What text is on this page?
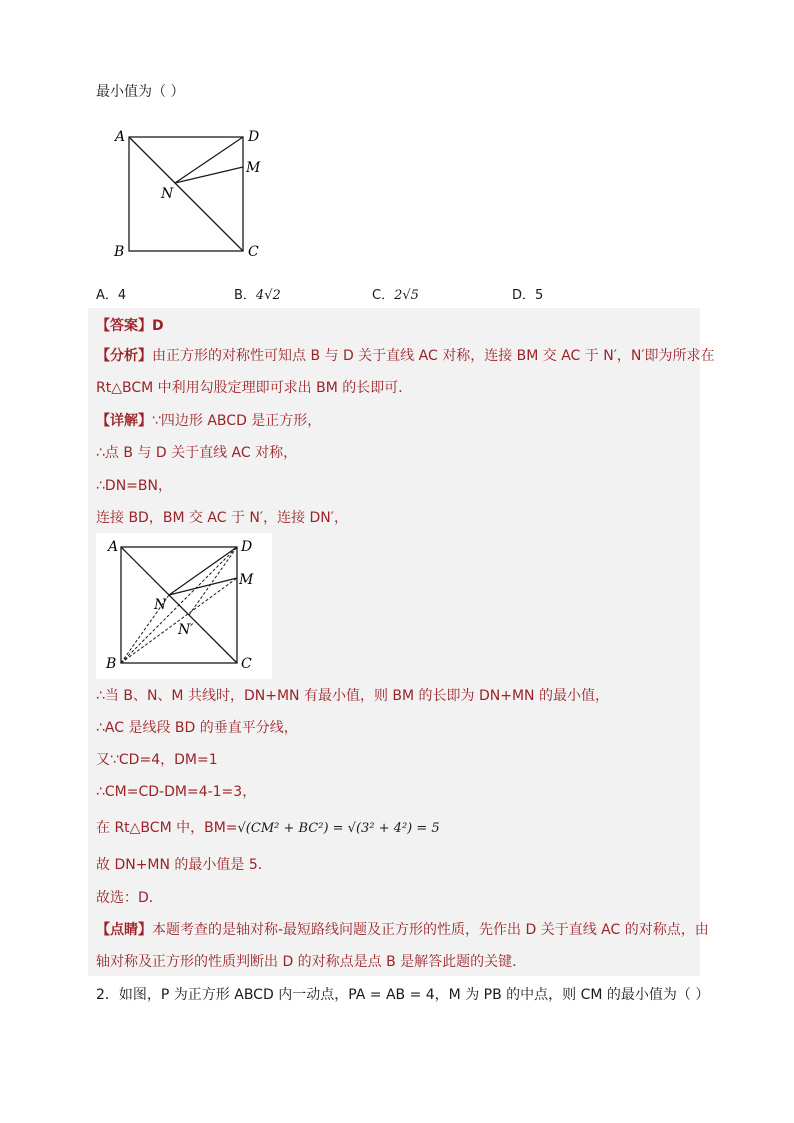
最小值为（ ）
A	D
M
N
B	C
A．4	B．4√2	C．2√5	D．5
【答案】D
【分析】由正方形的对称性可知点 B 与 D 关于直线 AC 对称，连接 BM 交 AC 于 N′，N′即为所求在
Rt△BCM 中利用勾股定理即可求出 BM 的长即可．
【详解】∵四边形 ABCD 是正方形，
∴点 B 与 D 关于直线 AC 对称，
∴DN=BN，
连接 BD，BM 交 AC 于 N′，连接 DN′，
A	D
M
N
N′
B	C
∴当 B、N、M 共线时，DN+MN 有最小值，则 BM 的长即为 DN+MN 的最小值，
∴AC 是线段 BD 的垂直平分线，
又∵CD=4，DM=1
∴CM=CD-DM=4-1=3，
在 Rt△BCM 中，BM=√(CM² + BC²) = √(3² + 4²) = 5
故 DN+MN 的最小值是 5．
故选：D．
【点睛】本题考查的是轴对称-最短路线问题及正方形的性质，先作出 D 关于直线 AC 的对称点，由
轴对称及正方形的性质判断出 D 的对称点是点 B 是解答此题的关键．
2．如图，P 为正方形 ABCD 内一动点，PA = AB = 4，M 为 PB 的中点，则 CM 的最小值为（ ）
